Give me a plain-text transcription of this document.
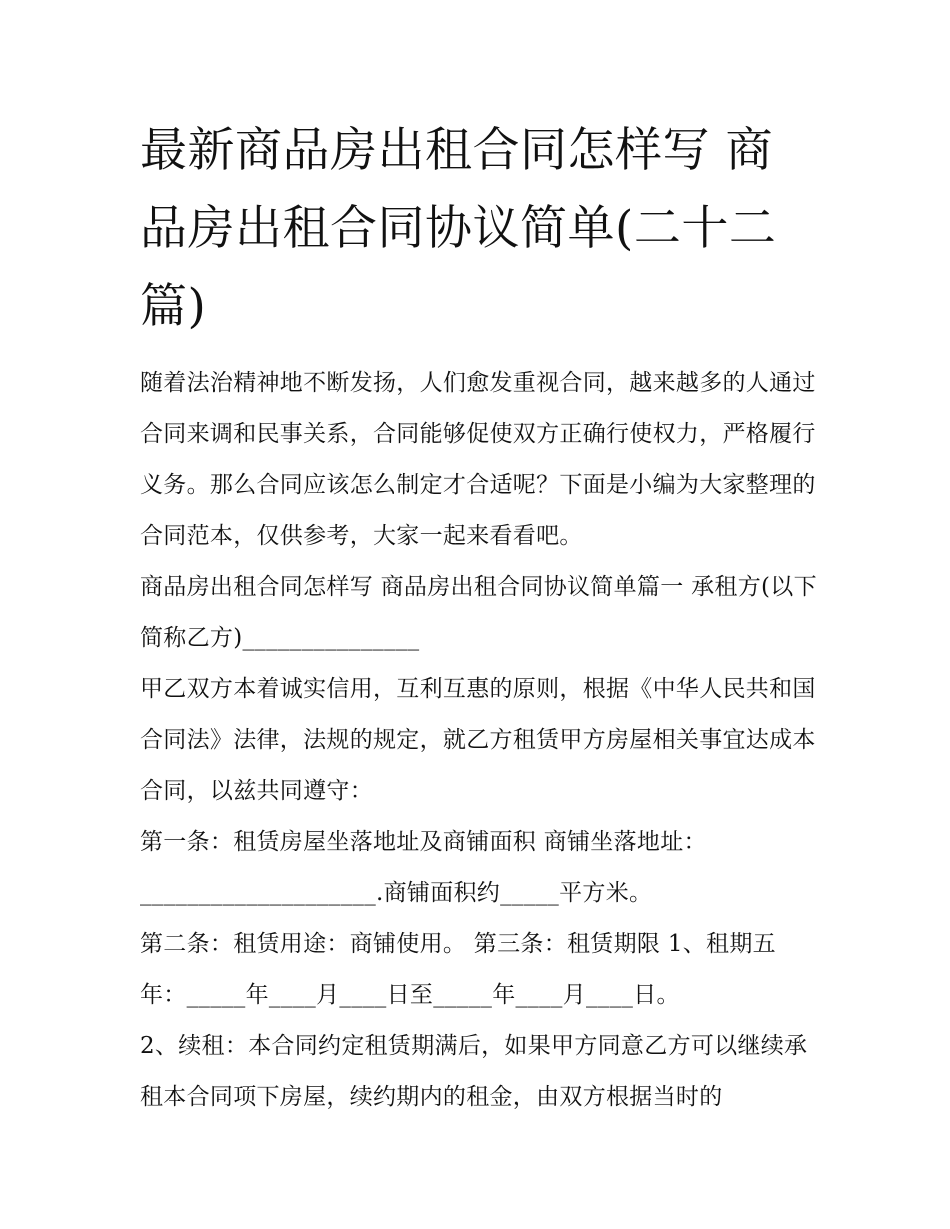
最新商品房出租合同怎样写 商品房出租合同协议简单(二十二篇)

随着法治精神地不断发扬，人们愈发重视合同，越来越多的人通过合同来调和民事关系，合同能够促使双方正确行使权力，严格履行义务。那么合同应该怎么制定才合适呢？下面是小编为大家整理的合同范本，仅供参考，大家一起来看看吧。

商品房出租合同怎样写 商品房出租合同协议简单篇一 承租方(以下简称乙方)_______________

甲乙双方本着诚实信用，互利互惠的原则，根据《中华人民共和国合同法》法律，法规的规定，就乙方租赁甲方房屋相关事宜达成本合同，以兹共同遵守：

第一条：租赁房屋坐落地址及商铺面积 商铺坐落地址：____________________.商铺面积约_____平方米。

第二条：租赁用途：商铺使用。 第三条：租赁期限 1、租期五年：_____年____月____日至_____年____月____日。

2、续租：本合同约定租赁期满后，如果甲方同意乙方可以继续承租本合同项下房屋，续约期内的租金，由双方根据当时的
